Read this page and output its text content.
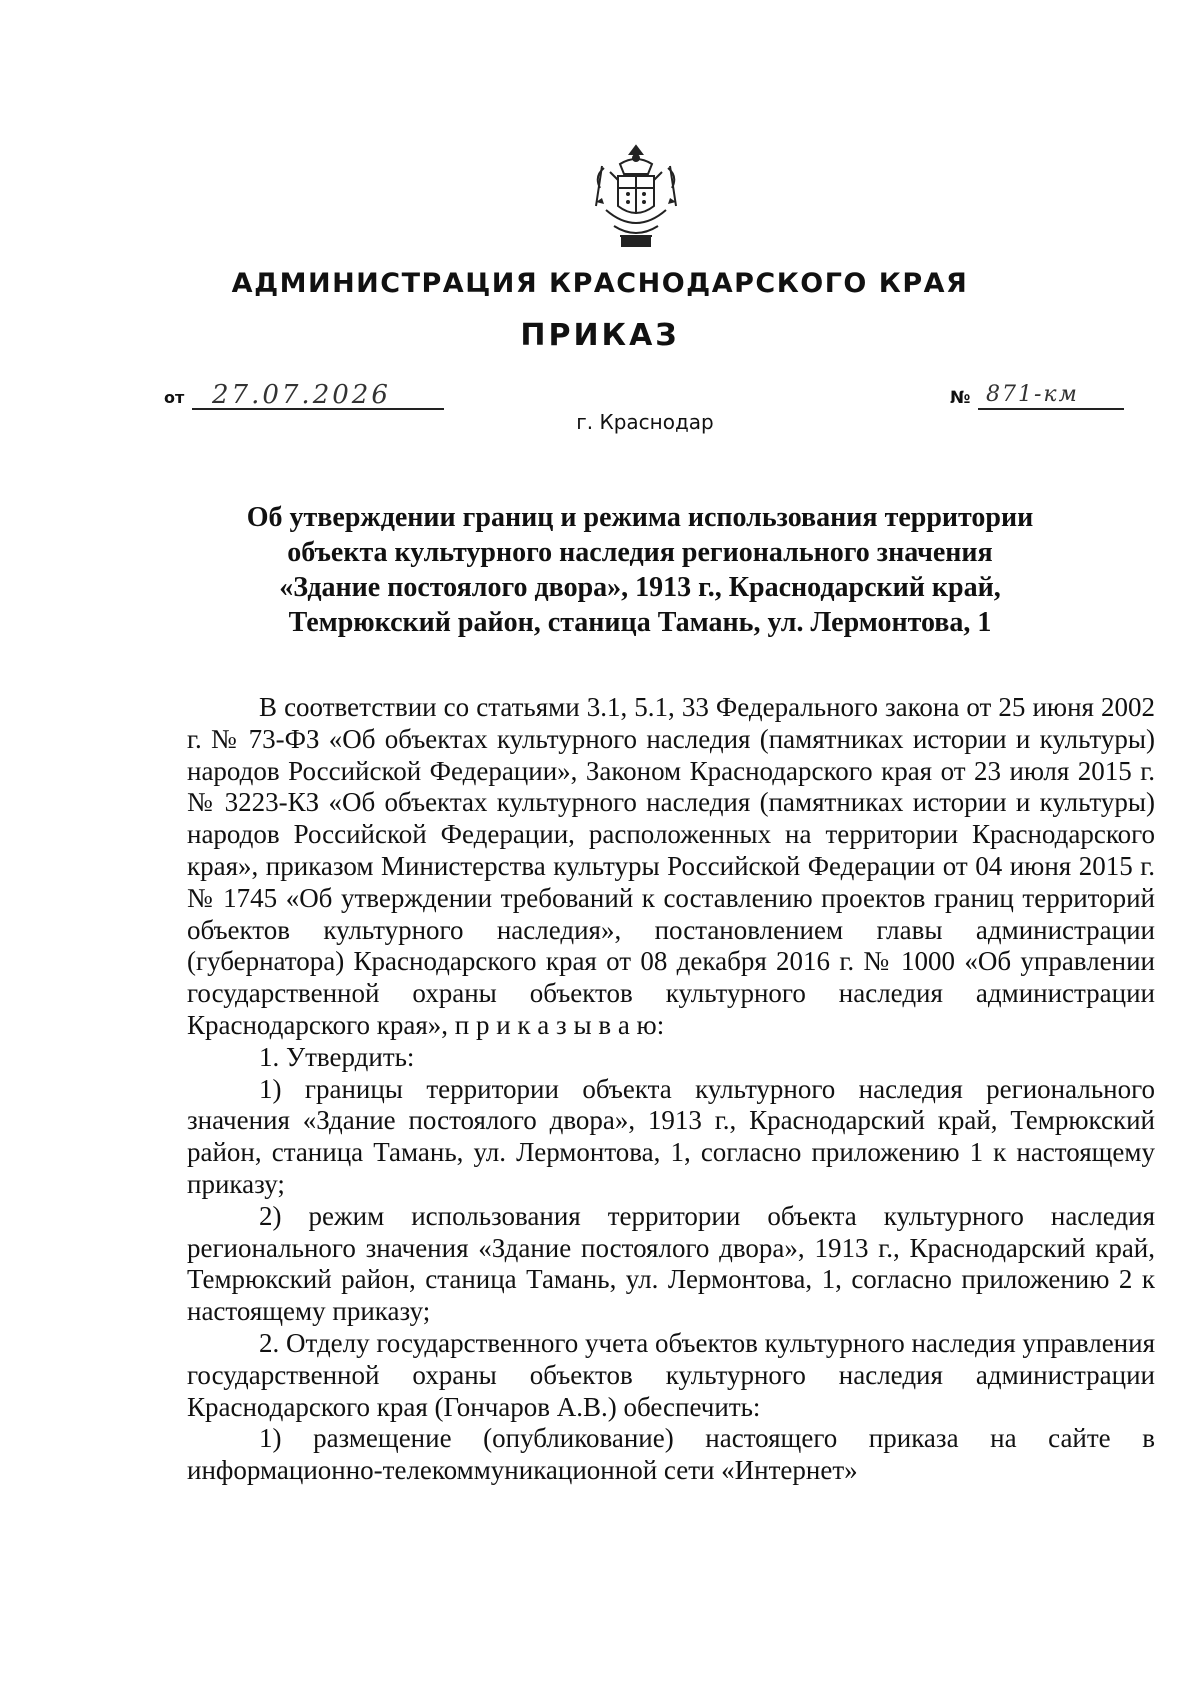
АДМИНИСТРАЦИЯ КРАСНОДАРСКОГО КРАЯ
ПРИКАЗ
от 27.07.2026	№ 871-км
г. Краснодар
Об утверждении границ и режима использования территории
объекта культурного наследия регионального значения
«Здание постоялого двора», 1913 г., Краснодарский край,
Темрюкский район, станица Тамань, ул. Лермонтова, 1

В соответствии со статьями 3.1, 5.1, 33 Федерального закона от 25 июня 2002 г. № 73-ФЗ «Об объектах культурного наследия (памятниках истории и культуры) народов Российской Федерации», Законом Краснодарского края от 23 июля 2015 г. № 3223-КЗ «Об объектах культурного наследия (памятниках истории и культуры) народов Российской Федерации, расположенных на территории Краснодарского края», приказом Министерства культуры Российской Федерации от 04 июня 2015 г. № 1745 «Об утверждении требований к составлению проектов границ территорий объектов культурного наследия», постановлением главы администрации (губернатора) Краснодарского края от 08 декабря 2016 г. № 1000 «Об управлении государственной охраны объектов культурного наследия администрации Краснодарского края», п р и к а з ы в а ю:

1. Утвердить:

1) границы территории объекта культурного наследия регионального значения «Здание постоялого двора», 1913 г., Краснодарский край, Темрюкский район, станица Тамань, ул. Лермонтова, 1, согласно приложению 1 к настоящему приказу;

2) режим использования территории объекта культурного наследия регионального значения «Здание постоялого двора», 1913 г., Краснодарский край, Темрюкский район, станица Тамань, ул. Лермонтова, 1, согласно приложению 2 к настоящему приказу;

2. Отделу государственного учета объектов культурного наследия управления государственной охраны объектов культурного наследия администрации Краснодарского края (Гончаров А.В.) обеспечить:

1) размещение (опубликование) настоящего приказа на сайте в информационно-телекоммуникационной сети «Интернет»
